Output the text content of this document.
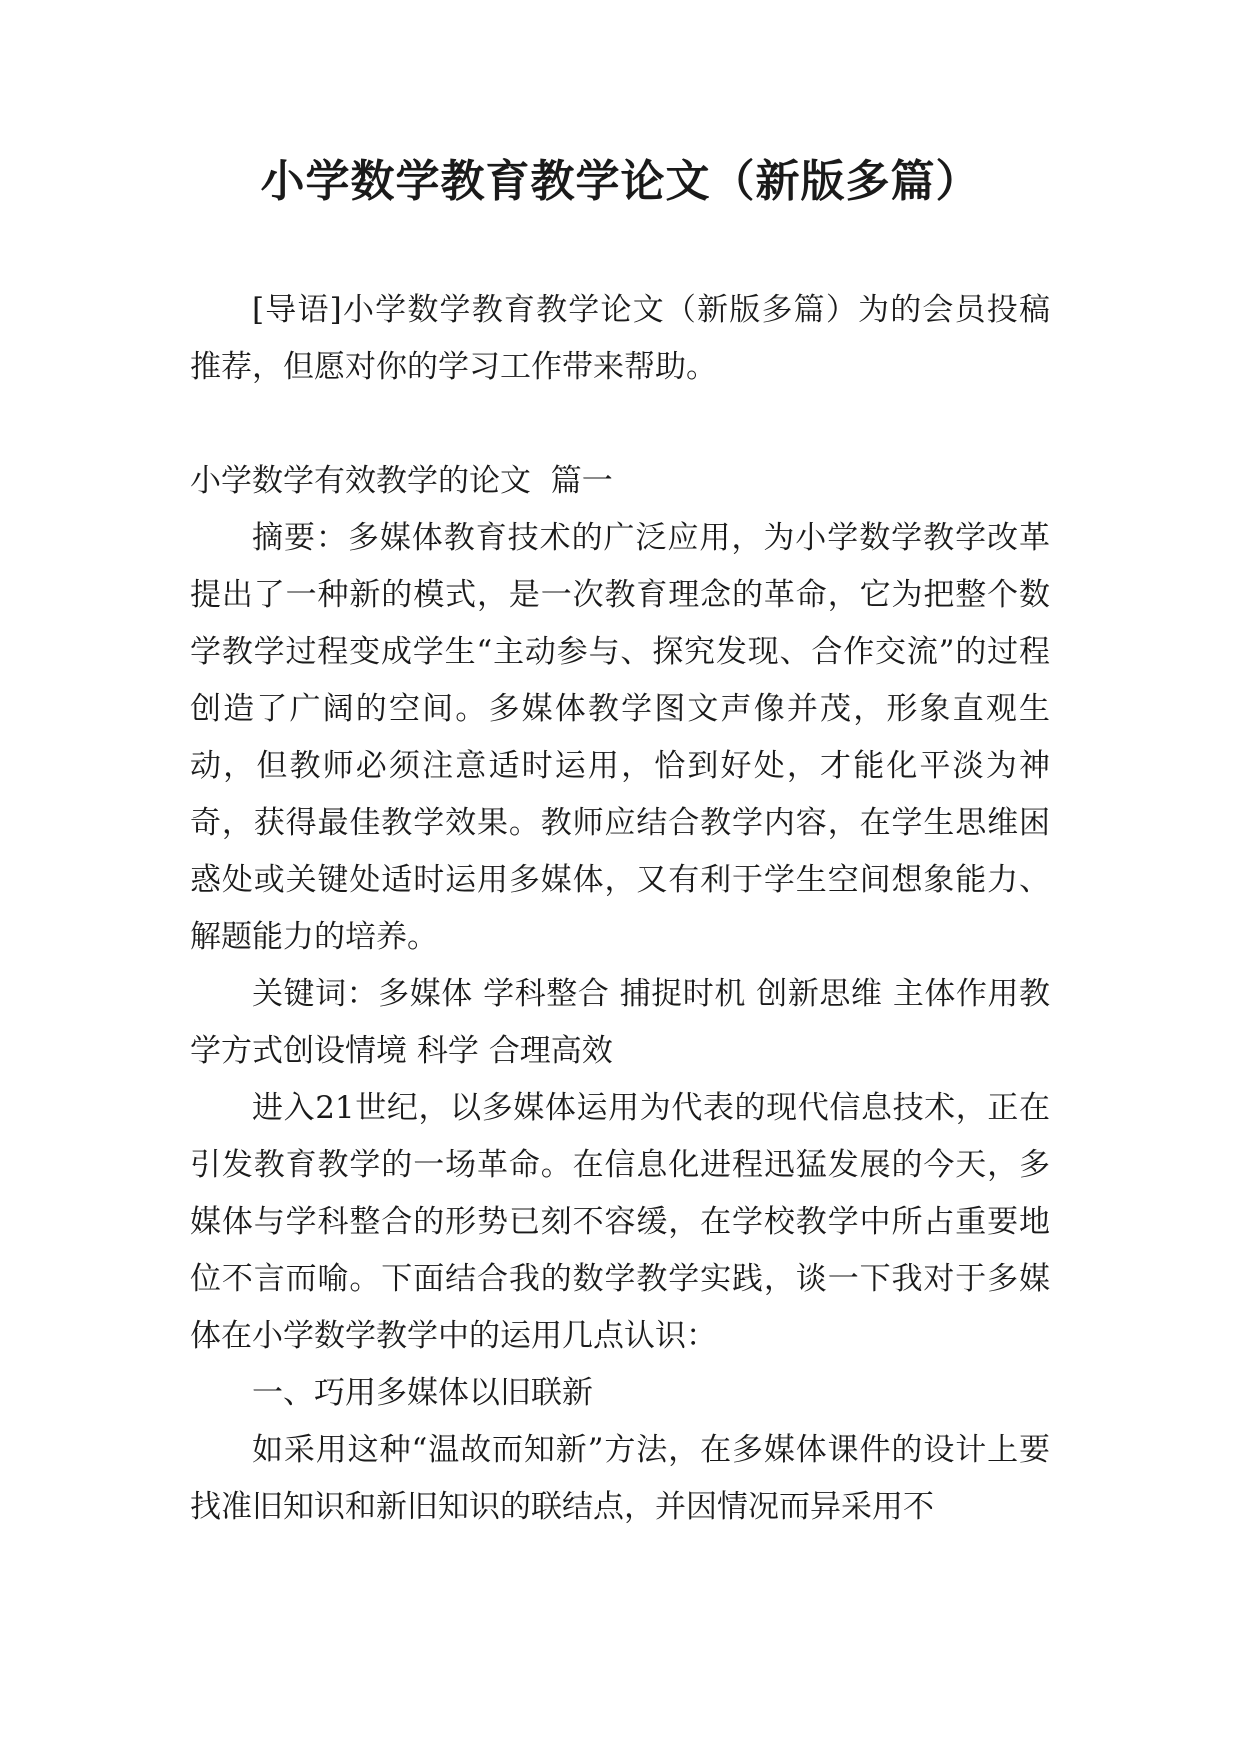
小学数学教育教学论文（新版多篇）

[导语]小学数学教育教学论文（新版多篇）为的会员投稿推荐，但愿对你的学习工作带来帮助。

小学数学有效教学的论文  篇一

摘要：多媒体教育技术的广泛应用，为小学数学教学改革提出了一种新的模式，是一次教育理念的革命，它为把整个数学教学过程变成学生“主动参与、探究发现、合作交流”的过程创造了广阔的空间。多媒体教学图文声像并茂，形象直观生动，但教师必须注意适时运用，恰到好处，才能化平淡为神奇，获得最佳教学效果。教师应结合教学内容，在学生思维困惑处或关键处适时运用多媒体，又有利于学生空间想象能力、解题能力的培养。

关键词：多媒体 学科整合 捕捉时机 创新思维 主体作用教学方式创设情境 科学 合理高效

进入21世纪，以多媒体运用为代表的现代信息技术，正在引发教育教学的一场革命。在信息化进程迅猛发展的今天，多媒体与学科整合的形势已刻不容缓，在学校教学中所占重要地位不言而喻。下面结合我的数学教学实践，谈一下我对于多媒体在小学数学教学中的运用几点认识：

一、巧用多媒体以旧联新

如采用这种“温故而知新”方法，在多媒体课件的设计上要找准旧知识和新旧知识的联结点，并因情况而异采用不
